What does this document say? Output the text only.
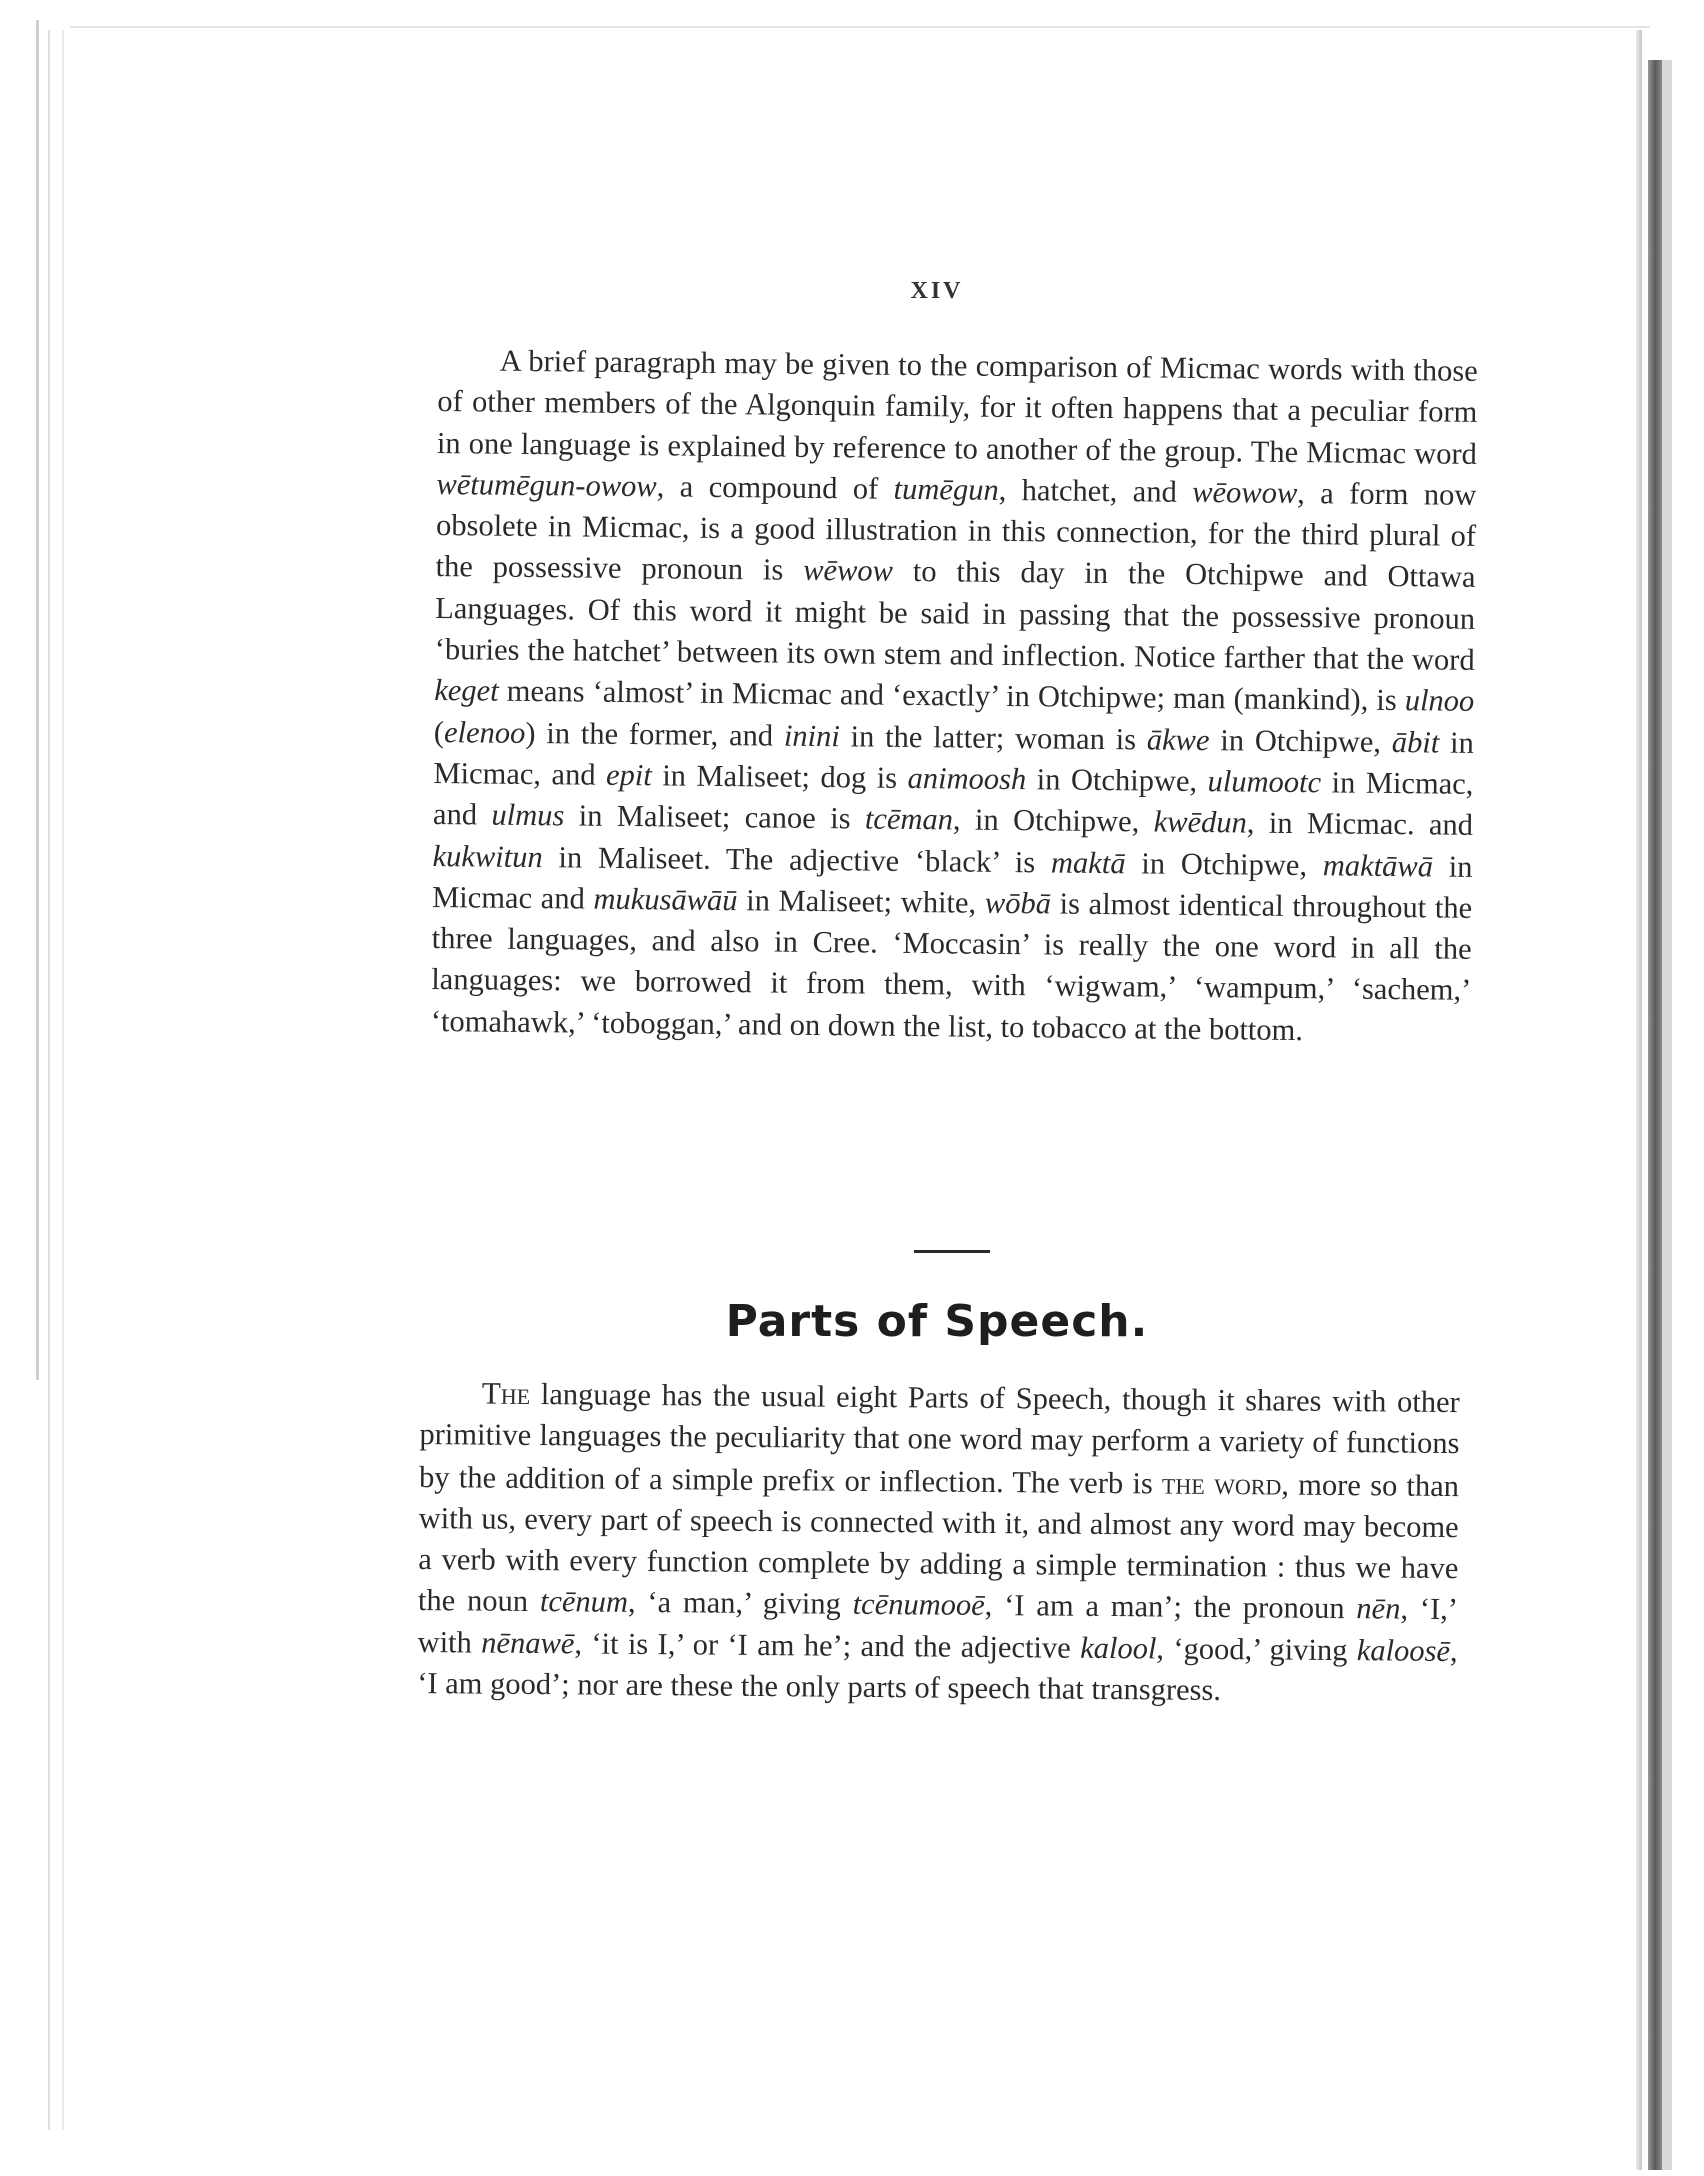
XIV

A brief paragraph may be given to the comparison of Micmac words with those of other members of the Algonquin family, for it often happens that a peculiar form in one language is explained by reference to another of the group. The Micmac word wētumēgun-owow, a compound of tumēgun, hatchet, and wēowow, a form now obsolete in Micmac, is a good illustration in this connection, for the third plural of the possessive pronoun is wēwow to this day in the Otchipwe and Ottawa Languages. Of this word it might be said in passing that the possessive pronoun ‘buries the hatchet’ between its own stem and inflection. Notice farther that the word keget means ‘almost’ in Micmac and ‘exactly’ in Otchipwe; man (mankind), is ulnoo (elenoo) in the former, and inini in the latter; woman is ākwe in Otchipwe, ābit in Micmac, and epit in Maliseet; dog is animoosh in Otchipwe, ulumootc in Micmac, and ulmus in Maliseet; canoe is tcēman, in Otchipwe, kwēdun, in Micmac. and kukwitun in Maliseet. The adjective ‘black’ is maktā in Otchipwe, maktāwā in Micmac and mukusāwāū in Maliseet; white, wōbā is almost identical throughout the three languages, and also in Cree. ‘Moccasin’ is really the one word in all the languages: we borrowed it from them, with ‘wigwam,’ ‘wampum,’ ‘sachem,’ ‘tomahawk,’ ‘toboggan,’ and on down the list, to tobacco at the bottom.

Parts of Speech.

The language has the usual eight Parts of Speech, though it shares with other primitive languages the peculiarity that one word may perform a variety of functions by the addition of a simple prefix or inflection. The verb is the word, more so than with us, every part of speech is connected with it, and almost any word may become a verb with every function complete by adding a simple termination : thus we have the noun tcēnum, ‘a man,’ giving tcēnumooē, ‘I am a man’; the pronoun nēn, ‘I,’ with nēnawē, ‘it is I,’ or ‘I am he’; and the adjective kalool, ‘good,’ giving kaloosē, ‘I am good’; nor are these the only parts of speech that transgress.
